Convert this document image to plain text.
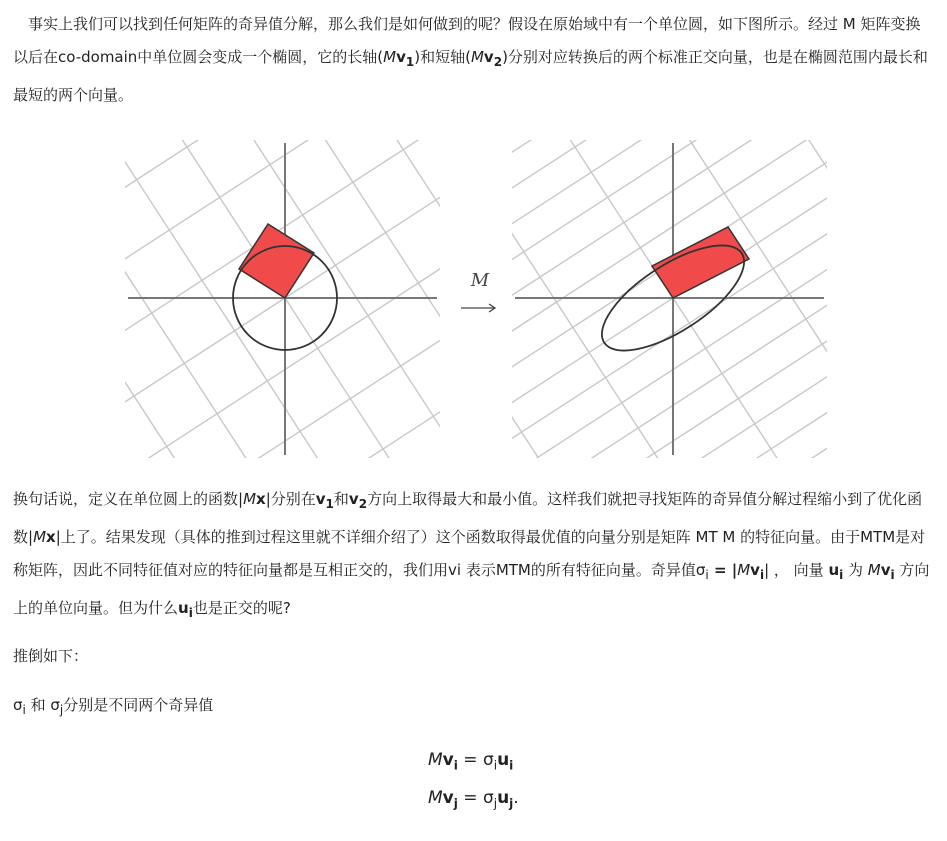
　事实上我们可以找到任何矩阵的奇异值分解，那么我们是如何做到的呢？假设在原始域中有一个单位圆，如下图所示。经过 M 矩阵变换以后在co-domain中单位圆会变成一个椭圆，它的长轴$(Mv_1)$和短轴$(Mv_2)$分别对应转换后的两个标准正交向量，也是在椭圆范围内最长和最短的两个向量。
M
换句话说，定义在单位圆上的函数|Mx|分别在$v_1$和$v_2$方向上取得最大和最小值。这样我们就把寻找矩阵的奇异值分解过程缩小到了优化函数|Mx|上了。结果发现（具体的推到过程这里就不详细介绍了）这个函数取得最优值的向量分别是矩阵 MT M 的特征向量。由于MTM是对称矩阵，因此不同特征值对应的特征向量都是互相正交的，我们用vi 表示MTM的所有特征向量。奇异值$\sigma_i = |Mv_i|$ ， 向量 $u_i$ 为 $Mv_i$ 方向上的单位向量。但为什么$u_i$也是正交的呢?
推倒如下：
$\sigma_i$ 和 $\sigma_j$分别是不同两个奇异值
$Mv_i = \sigma_iu_i$
$Mv_j = \sigma_ju_j$.
